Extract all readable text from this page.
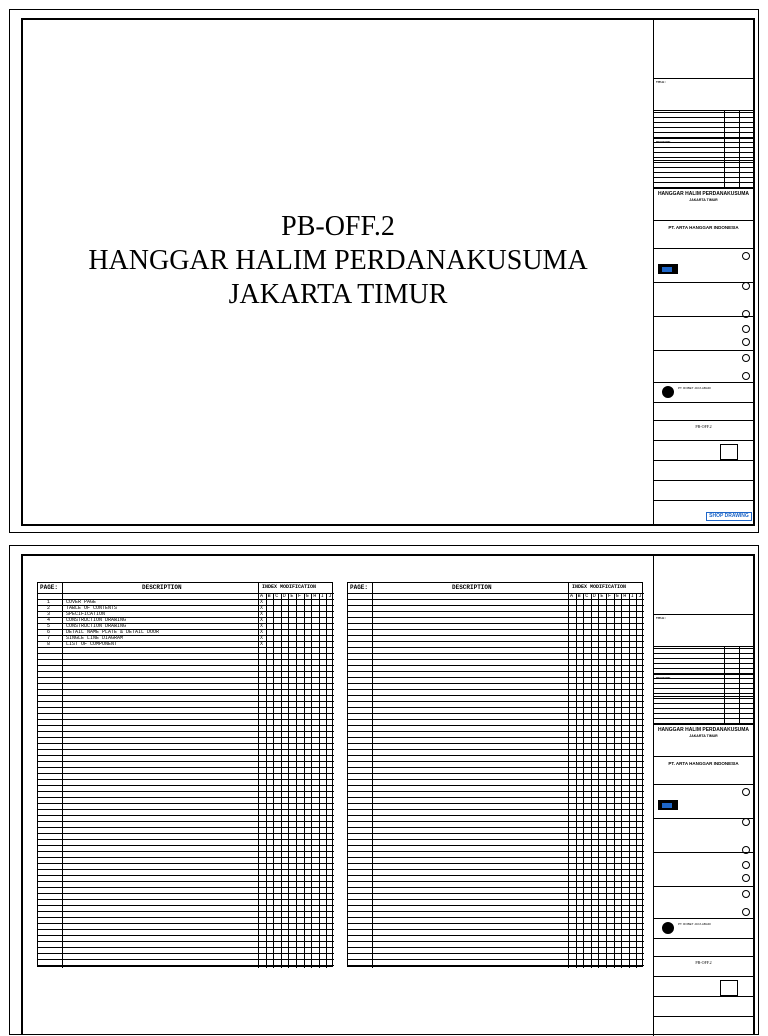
PB-OFF.2
HANGGAR HALIM PERDANAKUSUMA
JAKARTA TIMUR
TITLE :
REVISION
HANGGAR HALIM PERDANAKUSUMA
JAKARTA TIMUR
PT. ARTA HANGGAR INDONESIA
PT. ROBET JAYA ABADI
PB-OFF.2
SHOP DRAWING
PAGE:	DESCRIPTION	INDEX MODIFICATION
A B C D E F G H I J
1	COVER PAGE	X
2	TABLE OF CONTENTS	X
3	SPECIFICATION	X
4	CONSTRUCTION DRAWING	X
5	CONSTRUCTION DRAWING	X
6	DETAIL NAME PLATE & DETAIL DOOR	X
7	SINGLE LINE DIAGRAM	X
8	LIST OF COMPONENT	X
PAGE:	DESCRIPTION	INDEX MODIFICATION
A B C D E F G H I J
TITLE :
REVISION
HANGGAR HALIM PERDANAKUSUMA
JAKARTA TIMUR
PT. ARTA HANGGAR INDONESIA
PT. ROBET JAYA ABADI
PB-OFF.2
